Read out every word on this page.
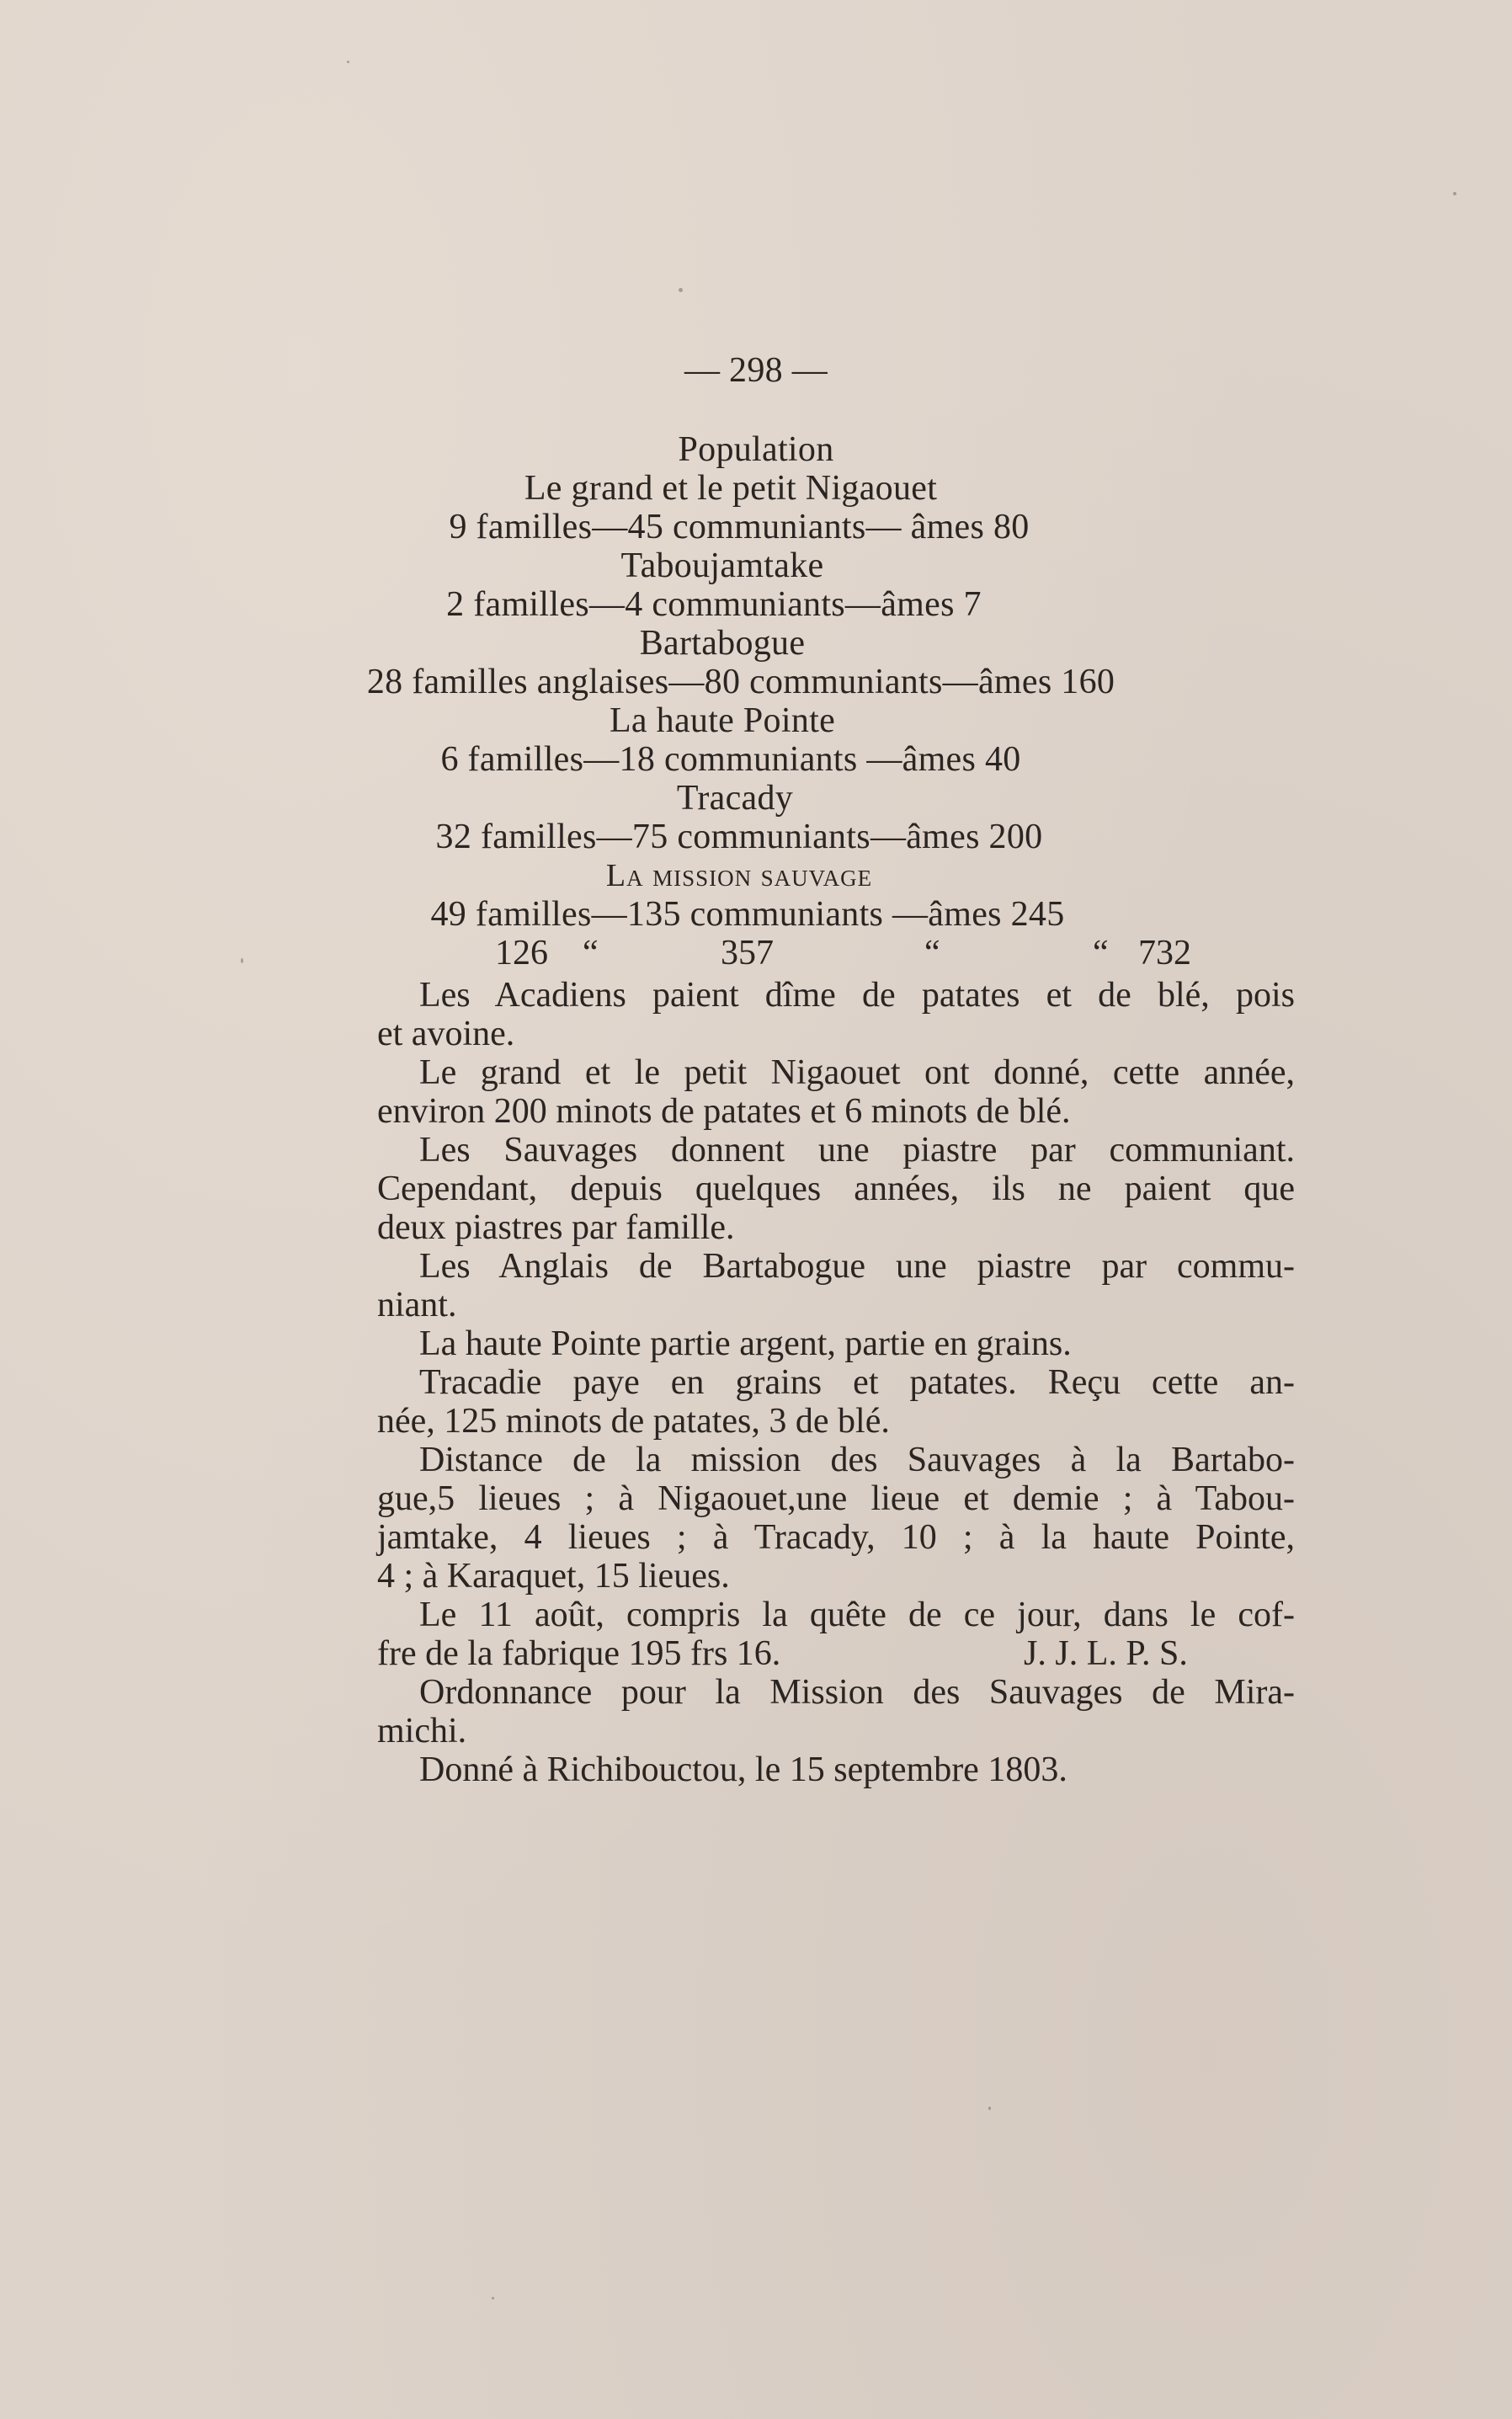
— 298 —
Population
Le grand et le petit Nigaouet
9 familles—45 communiants— âmes 80
Taboujamtake
2 familles—4 communiants—âmes 7
Bartabogue
28 familles anglaises—80 communiants—âmes 160
La haute Pointe
6 familles—18 communiants —âmes 40
Tracady
32 familles—75 communiants—âmes 200
La mission sauvage
49 familles—135 communiants —âmes 245
126 “	357	“	“ 732
Les Acadiens paient dîme de patates et de blé, pois
et avoine.
Le grand et le petit Nigaouet ont donné, cette année,
environ 200 minots de patates et 6 minots de blé.
Les Sauvages donnent une piastre par communiant.
Cependant, depuis quelques années, ils ne paient que
deux piastres par famille.
Les Anglais de Bartabogue une piastre par commu-
niant.
La haute Pointe partie argent, partie en grains.
Tracadie paye en grains et patates. Reçu cette an-
née, 125 minots de patates, 3 de blé.
Distance de la mission des Sauvages à la Bartabo-
gue,5 lieues ; à Nigaouet,une lieue et demie ; à Tabou-
jamtake, 4 lieues ; à Tracady, 10 ; à la haute Pointe,
4 ; à Karaquet, 15 lieues.
Le 11 août, compris la quête de ce jour, dans le cof-
fre de la fabrique 195 frs 16.	J. J. L. P. S.
Ordonnance pour la Mission des Sauvages de Mira-
michi.
Donné à Richibouctou, le 15 septembre 1803.
